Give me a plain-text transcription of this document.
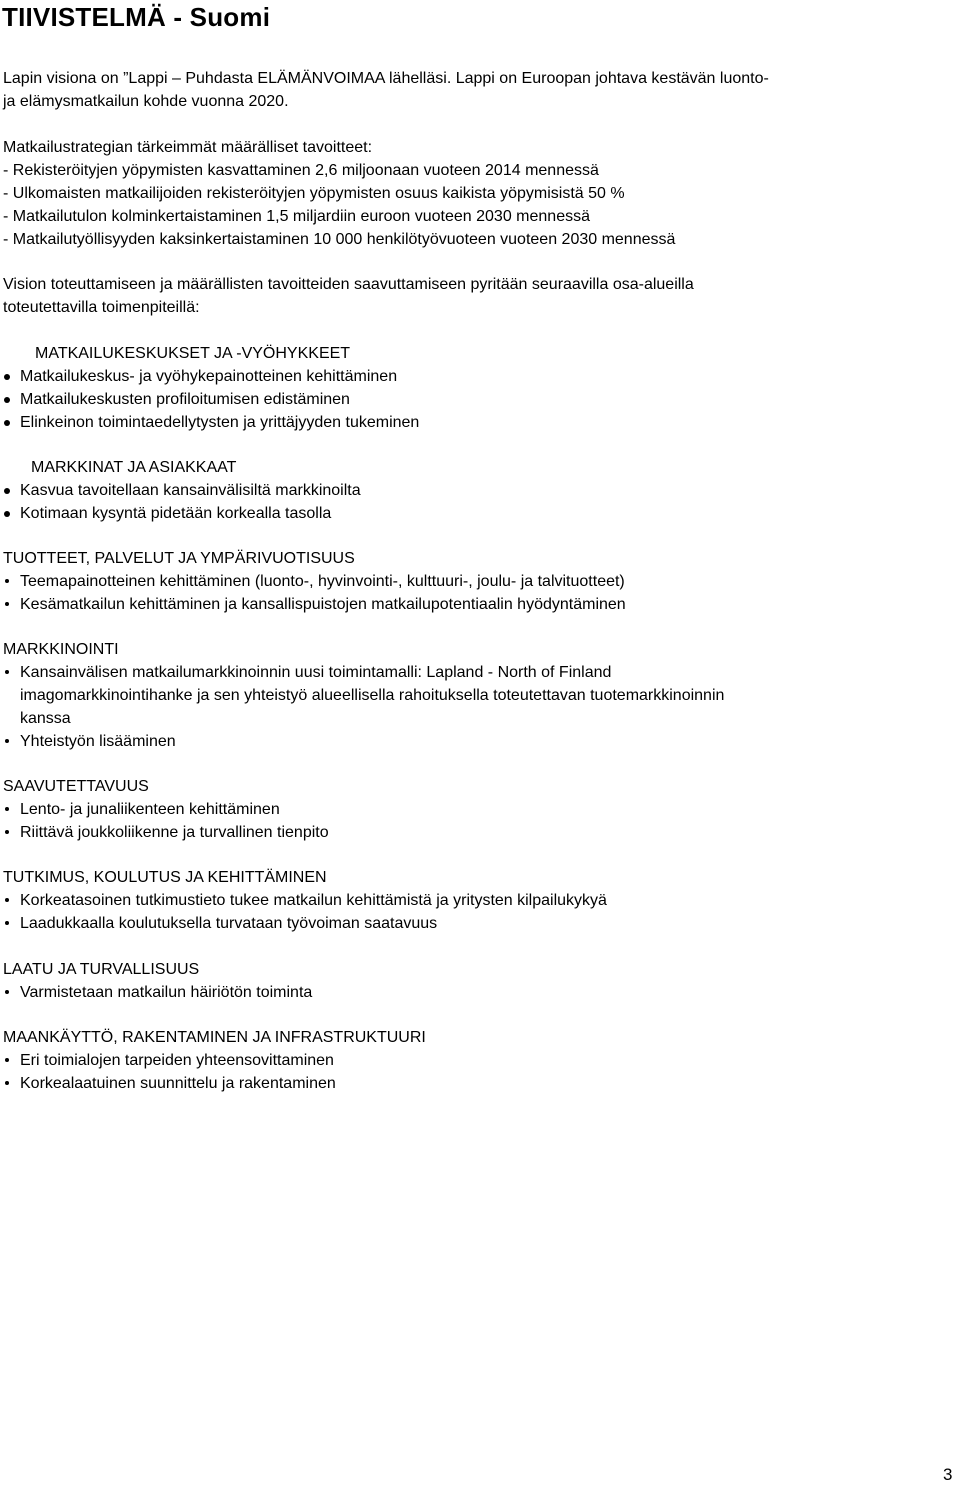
TIIVISTELMÄ - Suomi
Lapin visiona on ”Lappi – Puhdasta ELÄMÄNVOIMAA lähelläsi. Lappi on Euroopan johtava kestävän luonto-
ja elämysmatkailun kohde vuonna 2020.
Matkailustrategian tärkeimmät määrälliset tavoitteet:
- Rekisteröityjen yöpymisten kasvattaminen 2,6 miljoonaan vuoteen 2014 mennessä
- Ulkomaisten matkailijoiden rekisteröityjen yöpymisten osuus kaikista yöpymisistä 50 %
- Matkailutulon kolminkertaistaminen 1,5 miljardiin euroon vuoteen 2030 mennessä
- Matkailutyöllisyyden kaksinkertaistaminen 10 000 henkilötyövuoteen vuoteen 2030 mennessä
Vision toteuttamiseen ja määrällisten tavoitteiden saavuttamiseen pyritään seuraavilla osa-alueilla
toteutettavilla toimenpiteillä:
MATKAILUKESKUKSET JA -VYÖHYKKEET
Matkailukeskus- ja vyöhykepainotteinen kehittäminen
Matkailukeskusten profiloitumisen edistäminen
Elinkeinon toimintaedellytysten ja yrittäjyyden tukeminen
MARKKINAT JA ASIAKKAAT
Kasvua tavoitellaan kansainvälisiltä markkinoilta
Kotimaan kysyntä pidetään korkealla tasolla
TUOTTEET, PALVELUT JA YMPÄRIVUOTISUUS
Teemapainotteinen kehittäminen (luonto-, hyvinvointi-, kulttuuri-, joulu- ja talvituotteet)
Kesämatkailun kehittäminen ja kansallispuistojen matkailupotentiaalin hyödyntäminen
MARKKINOINTI
Kansainvälisen matkailumarkkinoinnin uusi toimintamalli: Lapland - North of Finland
imagomarkkinointihanke ja sen yhteistyö alueellisella rahoituksella toteutettavan tuotemarkkinoinnin
kanssa
Yhteistyön lisääminen
SAAVUTETTAVUUS
Lento- ja junaliikenteen kehittäminen
Riittävä joukkoliikenne ja turvallinen tienpito
TUTKIMUS, KOULUTUS JA KEHITTÄMINEN
Korkeatasoinen tutkimustieto tukee matkailun kehittämistä ja yritysten kilpailukykyä
Laadukkaalla koulutuksella turvataan työvoiman saatavuus
LAATU JA TURVALLISUUS
Varmistetaan matkailun häiriötön toiminta
MAANKÄYTTÖ, RAKENTAMINEN JA INFRASTRUKTUURI
Eri toimialojen tarpeiden yhteensovittaminen
Korkealaatuinen suunnittelu ja rakentaminen
3
